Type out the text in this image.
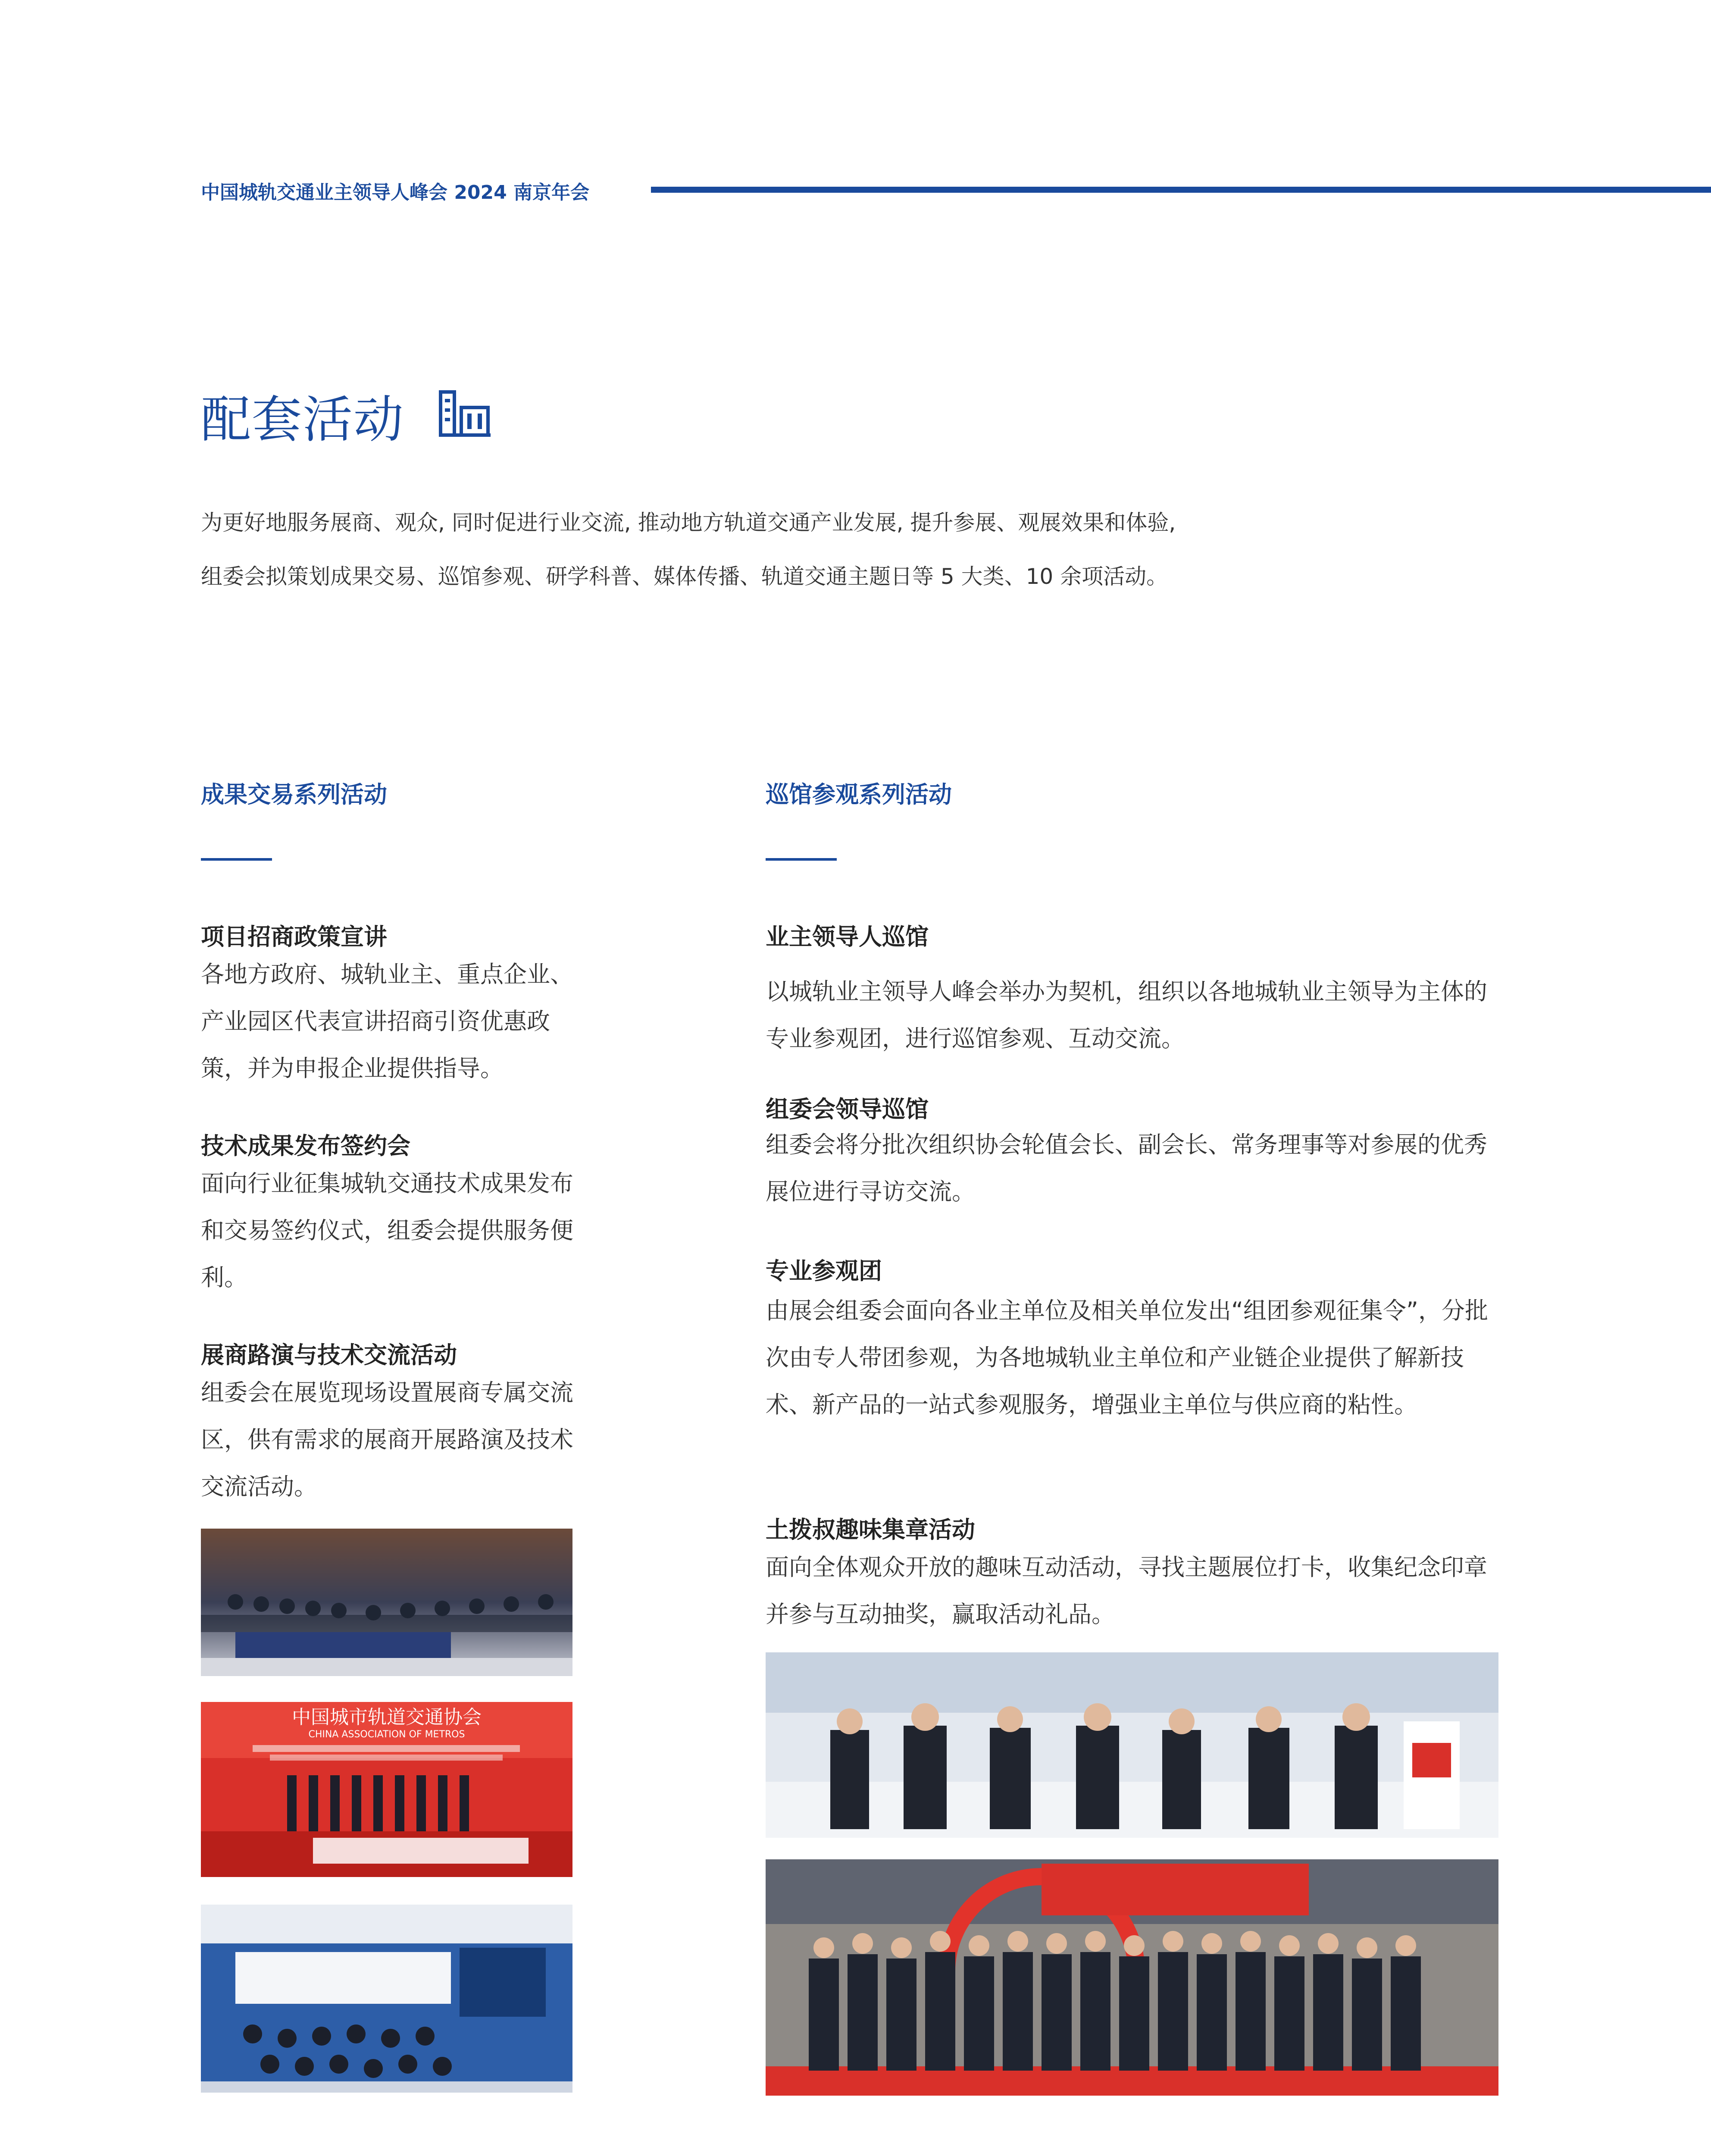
中国城轨交通业主领导人峰会 2024 南京年会
配套活动

为更好地服务展商、观众, 同时促进行业交流, 推动地方轨道交通产业发展, 提升参展、观展效果和体验,

组委会拟策划成果交易、巡馆参观、研学科普、媒体传播、轨道交通主题日等 5 大类、10 余项活动。

成果交易系列活动
项目招商政策宣讲
各地方政府、城轨业主、重点企业、产业园区代表宣讲招商引资优惠政策，并为申报企业提供指导。
技术成果发布签约会
面向行业征集城轨交通技术成果发布和交易签约仪式，组委会提供服务便利。
展商路演与技术交流活动
组委会在展览现场设置展商专属交流区，供有需求的展商开展路演及技术交流活动。
中国城市轨道交通协会
CHINA ASSOCIATION OF METROS
巡馆参观系列活动
业主领导人巡馆
以城轨业主领导人峰会举办为契机，组织以各地城轨业主领导为主体的专业参观团，进行巡馆参观、互动交流。
组委会领导巡馆
组委会将分批次组织协会轮值会长、副会长、常务理事等对参展的优秀展位进行寻访交流。
专业参观团
由展会组委会面向各业主单位及相关单位发出“组团参观征集令”，分批次由专人带团参观，为各地城轨业主单位和产业链企业提供了解新技术、新产品的一站式参观服务，增强业主单位与供应商的粘性。
土拨叔趣味集章活动
面向全体观众开放的趣味互动活动，寻找主题展位打卡，收集纪念印章并参与互动抽奖，赢取活动礼品。
